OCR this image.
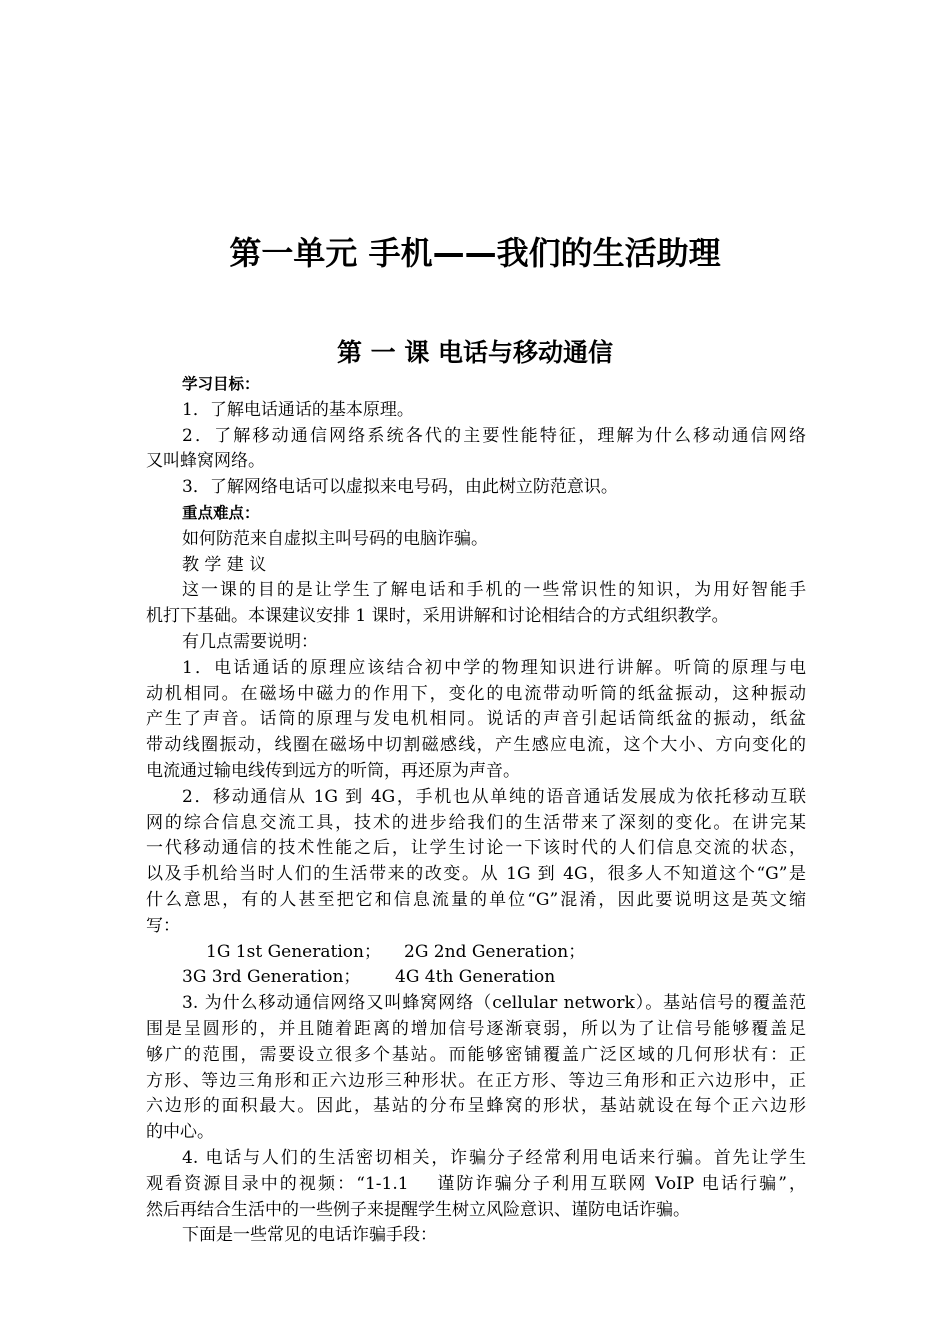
第一单元 手机——我们的生活助理
第 一 课 电话与移动通信
学习目标：
1．了解电话通话的基本原理。
2．了解移动通信网络系统各代的主要性能特征，理解为什么移动通信网络
又叫蜂窝网络。
3．了解网络电话可以虚拟来电号码，由此树立防范意识。
重点难点：
如何防范来自虚拟主叫号码的电脑诈骗。
教 学 建 议
这一课的目的是让学生了解电话和手机的一些常识性的知识，为用好智能手
机打下基础。本课建议安排 1 课时，采用讲解和讨论相结合的方式组织教学。
有几点需要说明：
1．电话通话的原理应该结合初中学的物理知识进行讲解。听筒的原理与电
动机相同。在磁场中磁力的作用下，变化的电流带动听筒的纸盆振动，这种振动
产生了声音。话筒的原理与发电机相同。说话的声音引起话筒纸盆的振动，纸盆
带动线圈振动，线圈在磁场中切割磁感线，产生感应电流，这个大小、方向变化的
电流通过输电线传到远方的听筒，再还原为声音。
2．移动通信从 1G 到 4G，手机也从单纯的语音通话发展成为依托移动互联
网的综合信息交流工具，技术的进步给我们的生活带来了深刻的变化。在讲完某
一代移动通信的技术性能之后，让学生讨论一下该时代的人们信息交流的状态，
以及手机给当时人们的生活带来的改变。从 1G 到 4G，很多人不知道这个“G”是
什么意思，有的人甚至把它和信息流量的单位“G”混淆，因此要说明这是英文缩
写：
1G 1st Generation； 2G 2nd Generation；
3G 3rd Generation； 4G 4th Generation
3. 为什么移动通信网络又叫蜂窝网络（cellular network）。基站信号的覆盖范
围是呈圆形的，并且随着距离的增加信号逐渐衰弱，所以为了让信号能够覆盖足
够广的范围，需要设立很多个基站。而能够密铺覆盖广泛区域的几何形状有：正
方形、等边三角形和正六边形三种形状。在正方形、等边三角形和正六边形中，正
六边形的面积最大。因此，基站的分布呈蜂窝的形状，基站就设在每个正六边形
的中心。
4. 电话与人们的生活密切相关，诈骗分子经常利用电话来行骗。首先让学生
观看资源目录中的视频：“1-1.1　 谨防诈骗分子利用互联网 VoIP 电话行骗”，
然后再结合生活中的一些例子来提醒学生树立风险意识、谨防电话诈骗。
下面是一些常见的电话诈骗手段：
